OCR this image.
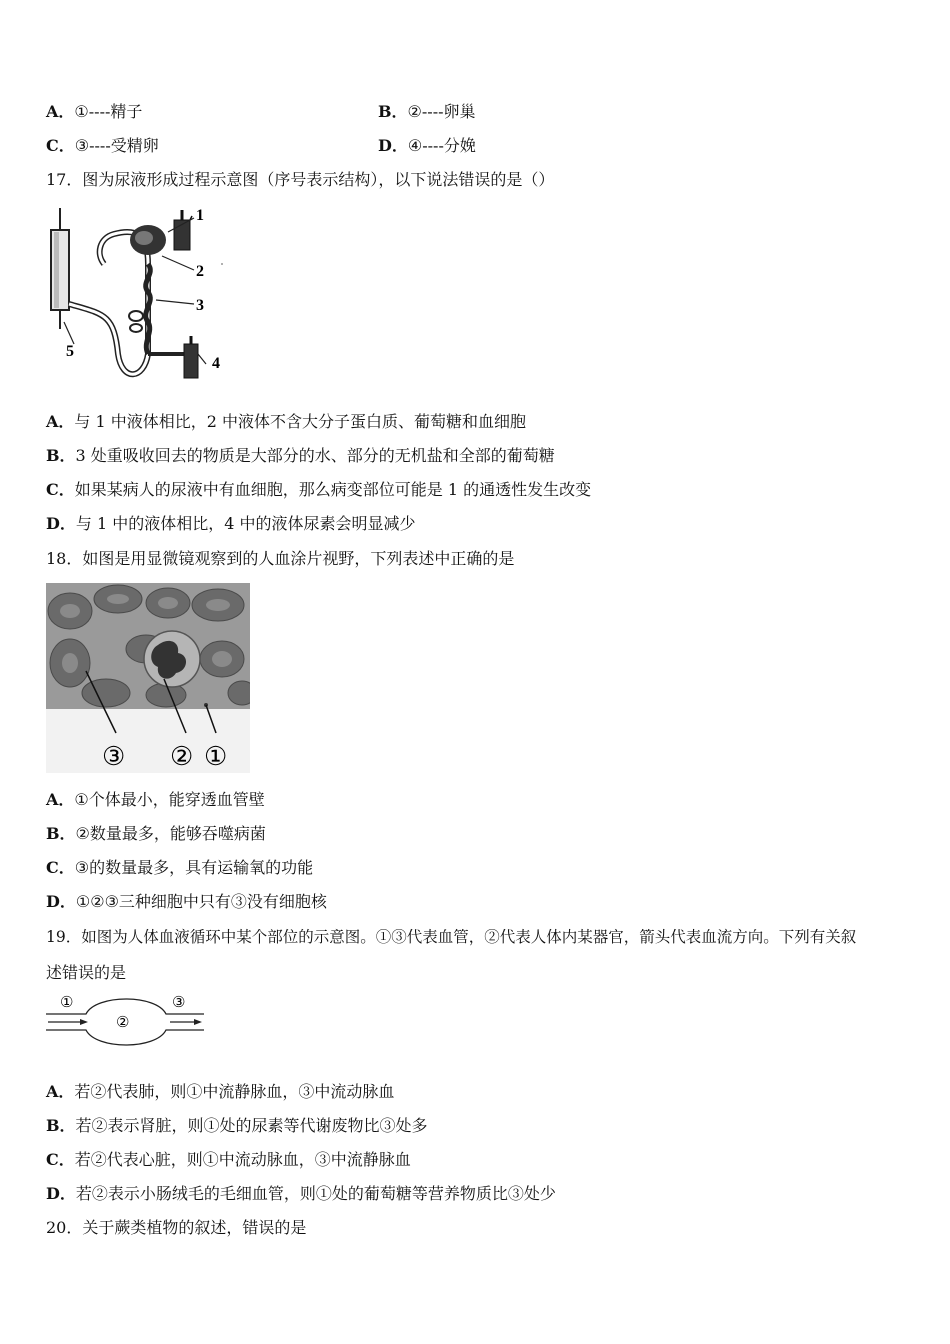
A．①----精子	B．②----卵巢
C．③----受精卵	D．④----分娩
17．图为尿液形成过程示意图（序号表示结构），以下说法错误的是（）
1
2
3
4
5
A．与 1 中液体相比，2 中液体不含大分子蛋白质、葡萄糖和血细胞
B．3 处重吸收回去的物质是大部分的水、部分的无机盐和全部的葡萄糖
C．如果某病人的尿液中有血细胞，那么病变部位可能是 1 的通透性发生改变
D．与 1 中的液体相比，4 中的液体尿素会明显减少
18．如图是用显微镜观察到的人血涂片视野，下列表述中正确的是
③ ② ①
A．①个体最小，能穿透血管壁
B．②数量最多，能够吞噬病菌
C．③的数量最多，具有运输氧的功能
D．①②③三种细胞中只有③没有细胞核
19．如图为人体血液循环中某个部位的示意图。①③代表血管，②代表人体内某器官，箭头代表血流方向。下列有关叙
述错误的是
①
②
③
A．若②代表肺，则①中流静脉血，③中流动脉血
B．若②表示肾脏，则①处的尿素等代谢废物比③处多
C．若②代表心脏，则①中流动脉血，③中流静脉血
D．若②表示小肠绒毛的毛细血管，则①处的葡萄糖等营养物质比③处少
20．关于蕨类植物的叙述，错误的是
